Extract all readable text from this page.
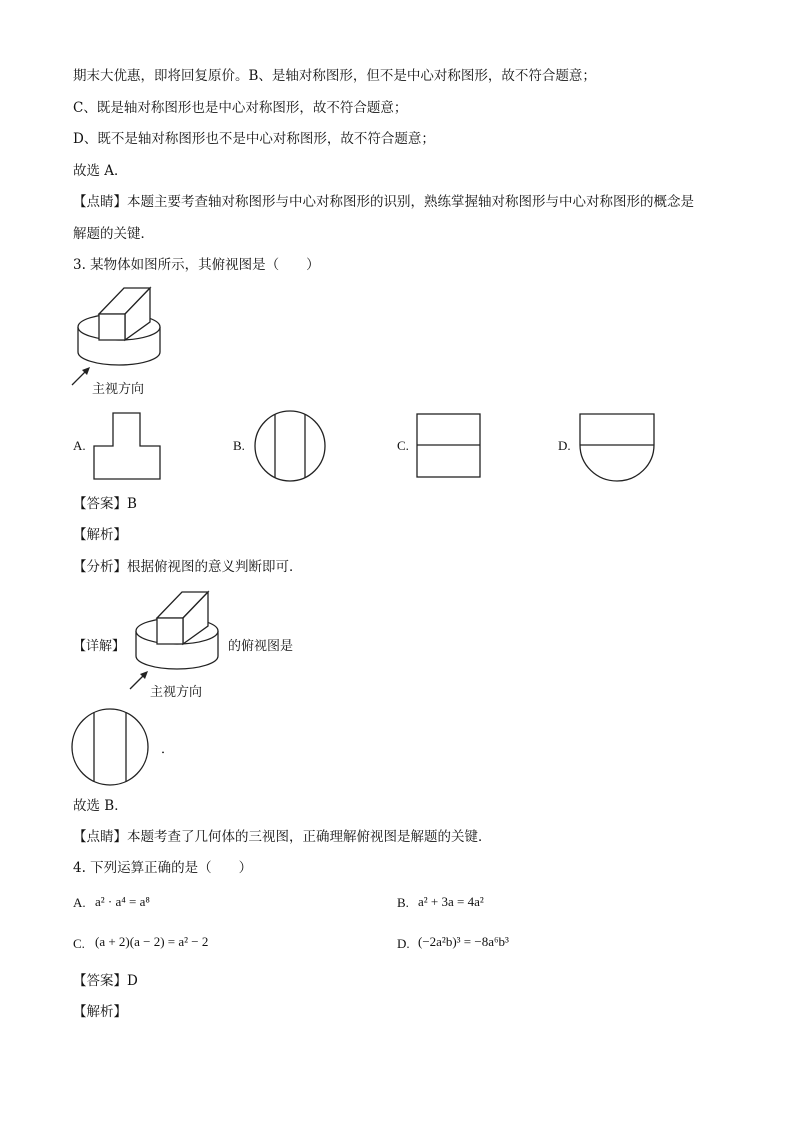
期末大优惠，即将回复原价。B、是轴对称图形，但不是中心对称图形，故不符合题意；
C、既是轴对称图形也是中心对称图形，故不符合题意；
D、既不是轴对称图形也不是中心对称图形，故不符合题意；
故选 A．
【点睛】本题主要考查轴对称图形与中心对称图形的识别，熟练掌握轴对称图形与中心对称图形的概念是
解题的关键．
3. 某物体如图所示，其俯视图是（　　）
主视方向
A.	B.	C.	D.
【答案】B
【解析】
【分析】根据俯视图的意义判断即可．
【详解】	的俯视图是
主视方向
．
故选 B．
【点睛】本题考查了几何体的三视图，正确理解俯视图是解题的关键．
4. 下列运算正确的是（　　）
A. a² · a⁴ = a⁸	B. a² + 3a = 4a²
C. (a + 2)(a − 2) = a² − 2	D. (−2a²b)³ = −8a⁶b³
【答案】D
【解析】
